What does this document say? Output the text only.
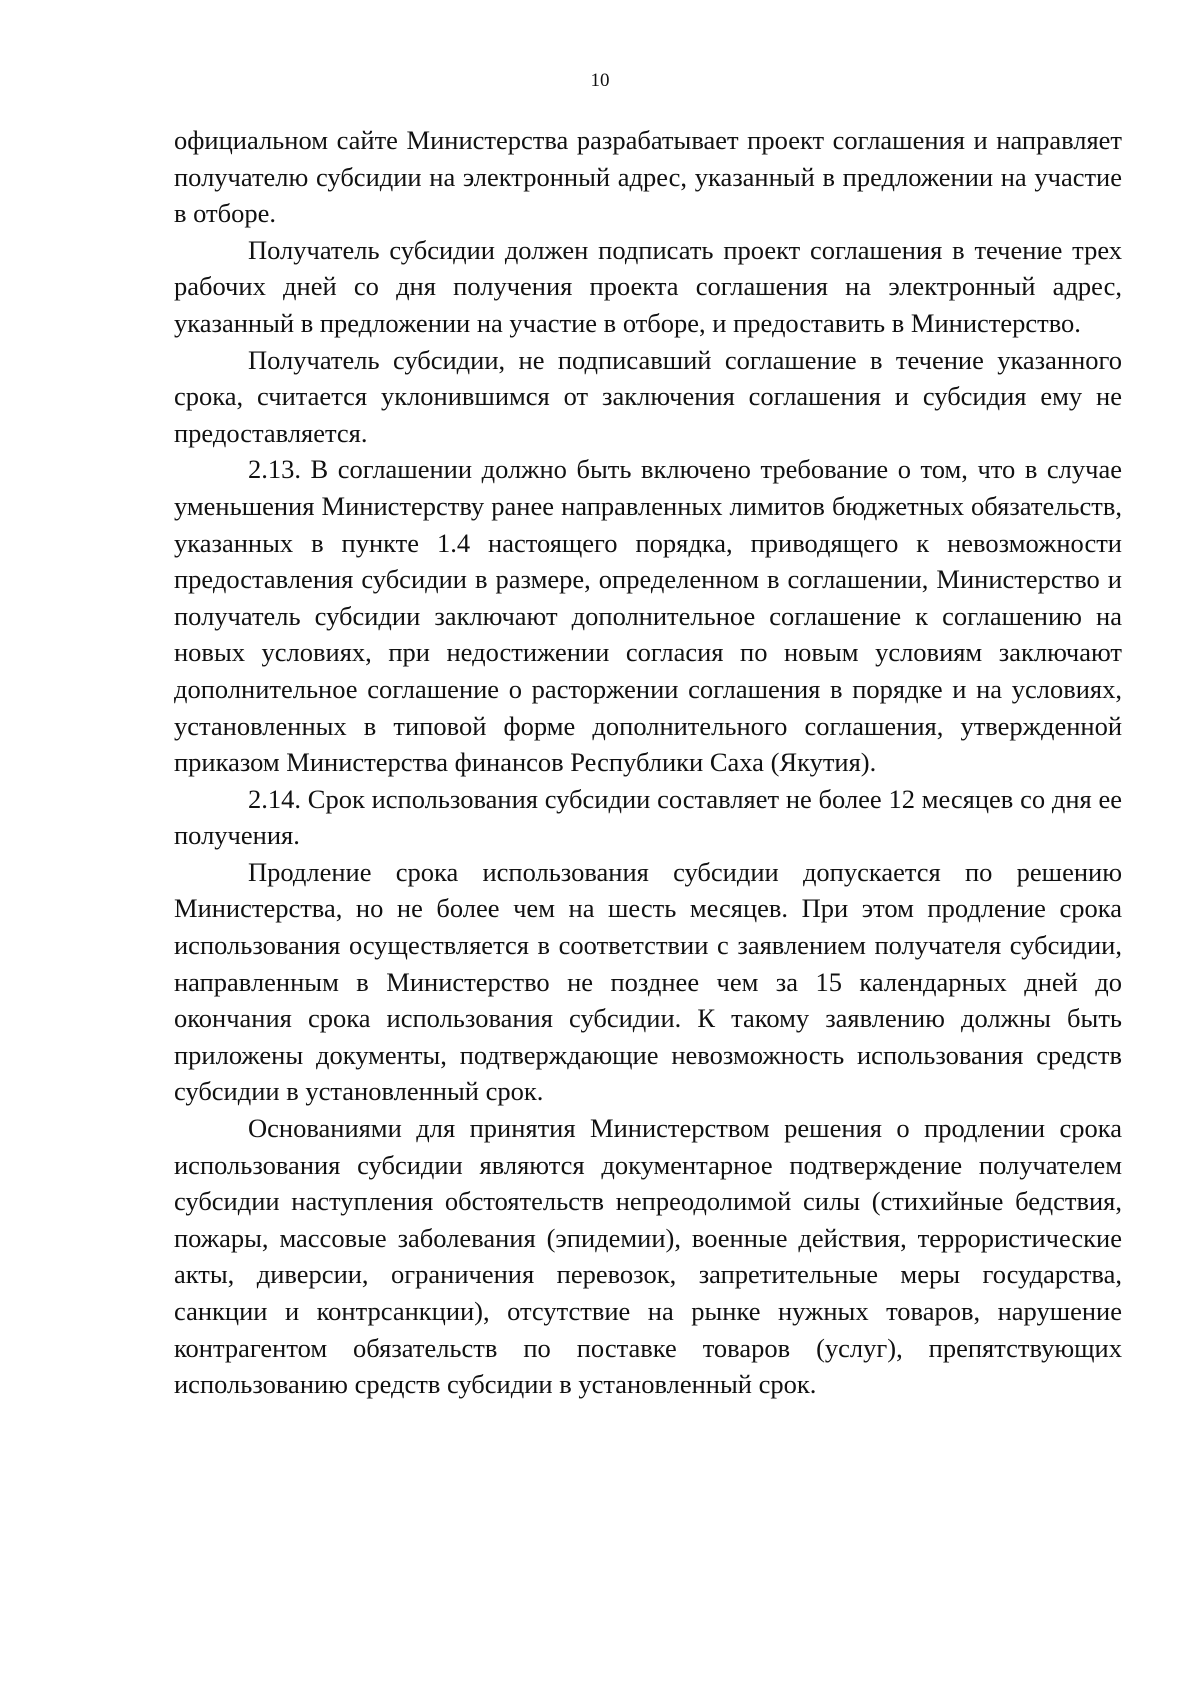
10

официальном сайте Министерства разрабатывает проект соглашения и направляет получателю субсидии на электронный адрес, указанный в предложении на участие в отборе.

Получатель субсидии должен подписать проект соглашения в течение трех рабочих дней со дня получения проекта соглашения на электронный адрес, указанный в предложении на участие в отборе, и предоставить в Министерство.

Получатель субсидии, не подписавший соглашение в течение указанного срока, считается уклонившимся от заключения соглашения и субсидия ему не предоставляется.

2.13. В соглашении должно быть включено требование о том, что в случае уменьшения Министерству ранее направленных лимитов бюджетных обязательств, указанных в пункте 1.4 настоящего порядка, приводящего к невозможности предоставления субсидии в размере, определенном в соглашении, Министерство и получатель субсидии заключают дополнительное соглашение к соглашению на новых условиях, при недостижении согласия по новым условиям заключают дополнительное соглашение о расторжении соглашения в порядке и на условиях, установленных в типовой форме дополнительного соглашения, утвержденной приказом Министерства финансов Республики Саха (Якутия).

2.14. Срок использования субсидии составляет не более 12 месяцев со дня ее получения.

Продление срока использования субсидии допускается по решению Министерства, но не более чем на шесть месяцев. При этом продление срока использования осуществляется в соответствии с заявлением получателя субсидии, направленным в Министерство не позднее чем за 15 календарных дней до окончания срока использования субсидии. К такому заявлению должны быть приложены документы, подтверждающие невозможность использования средств субсидии в установленный срок.

Основаниями для принятия Министерством решения о продлении срока использования субсидии являются документарное подтверждение получателем субсидии наступления обстоятельств непреодолимой силы (стихийные бедствия, пожары, массовые заболевания (эпидемии), военные действия, террористические акты, диверсии, ограничения перевозок, запретительные меры государства, санкции и контрсанкции), отсутствие на рынке нужных товаров, нарушение контрагентом обязательств по поставке товаров (услуг), препятствующих использованию средств субсидии в установленный срок.
